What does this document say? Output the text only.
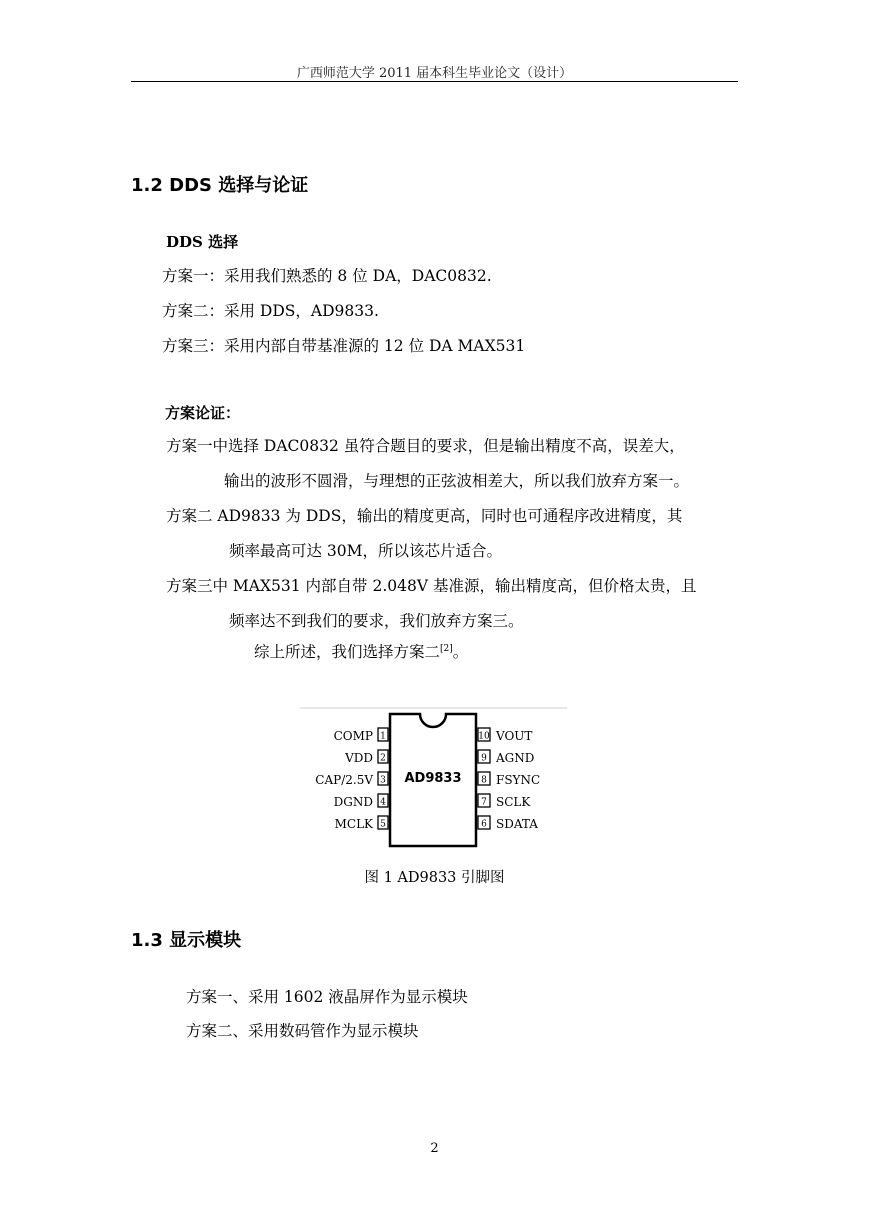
广西师范大学 2011 届本科生毕业论文（设计）
1.2 DDS 选择与论证
DDS 选择
方案一：采用我们熟悉的 8 位 DA，DAC0832.
方案二：采用 DDS，AD9833.
方案三：采用内部自带基准源的 12 位 DA MAX531
方案论证：
方案一中选择 DAC0832 虽符合题目的要求，但是输出精度不高，误差大，
输出的波形不圆滑，与理想的正弦波相差大，所以我们放弃方案一。
方案二 AD9833 为 DDS，输出的精度更高，同时也可通程序改进精度，其
频率最高可达 30M，所以该芯片适合。
方案三中 MAX531 内部自带 2.048V 基准源，输出精度高，但价格太贵，且
频率达不到我们的要求，我们放弃方案三。
综上所述，我们选择方案二[2]。
AD9833
COMP 1
VDD 2
CAP/2.5V 3
DGND 4
MCLK 5
10 VOUT
9 AGND
8 FSYNC
7 SCLK
6 SDATA
图 1 AD9833 引脚图
1.3 显示模块
方案一、采用 1602 液晶屏作为显示模块
方案二、采用数码管作为显示模块
2
